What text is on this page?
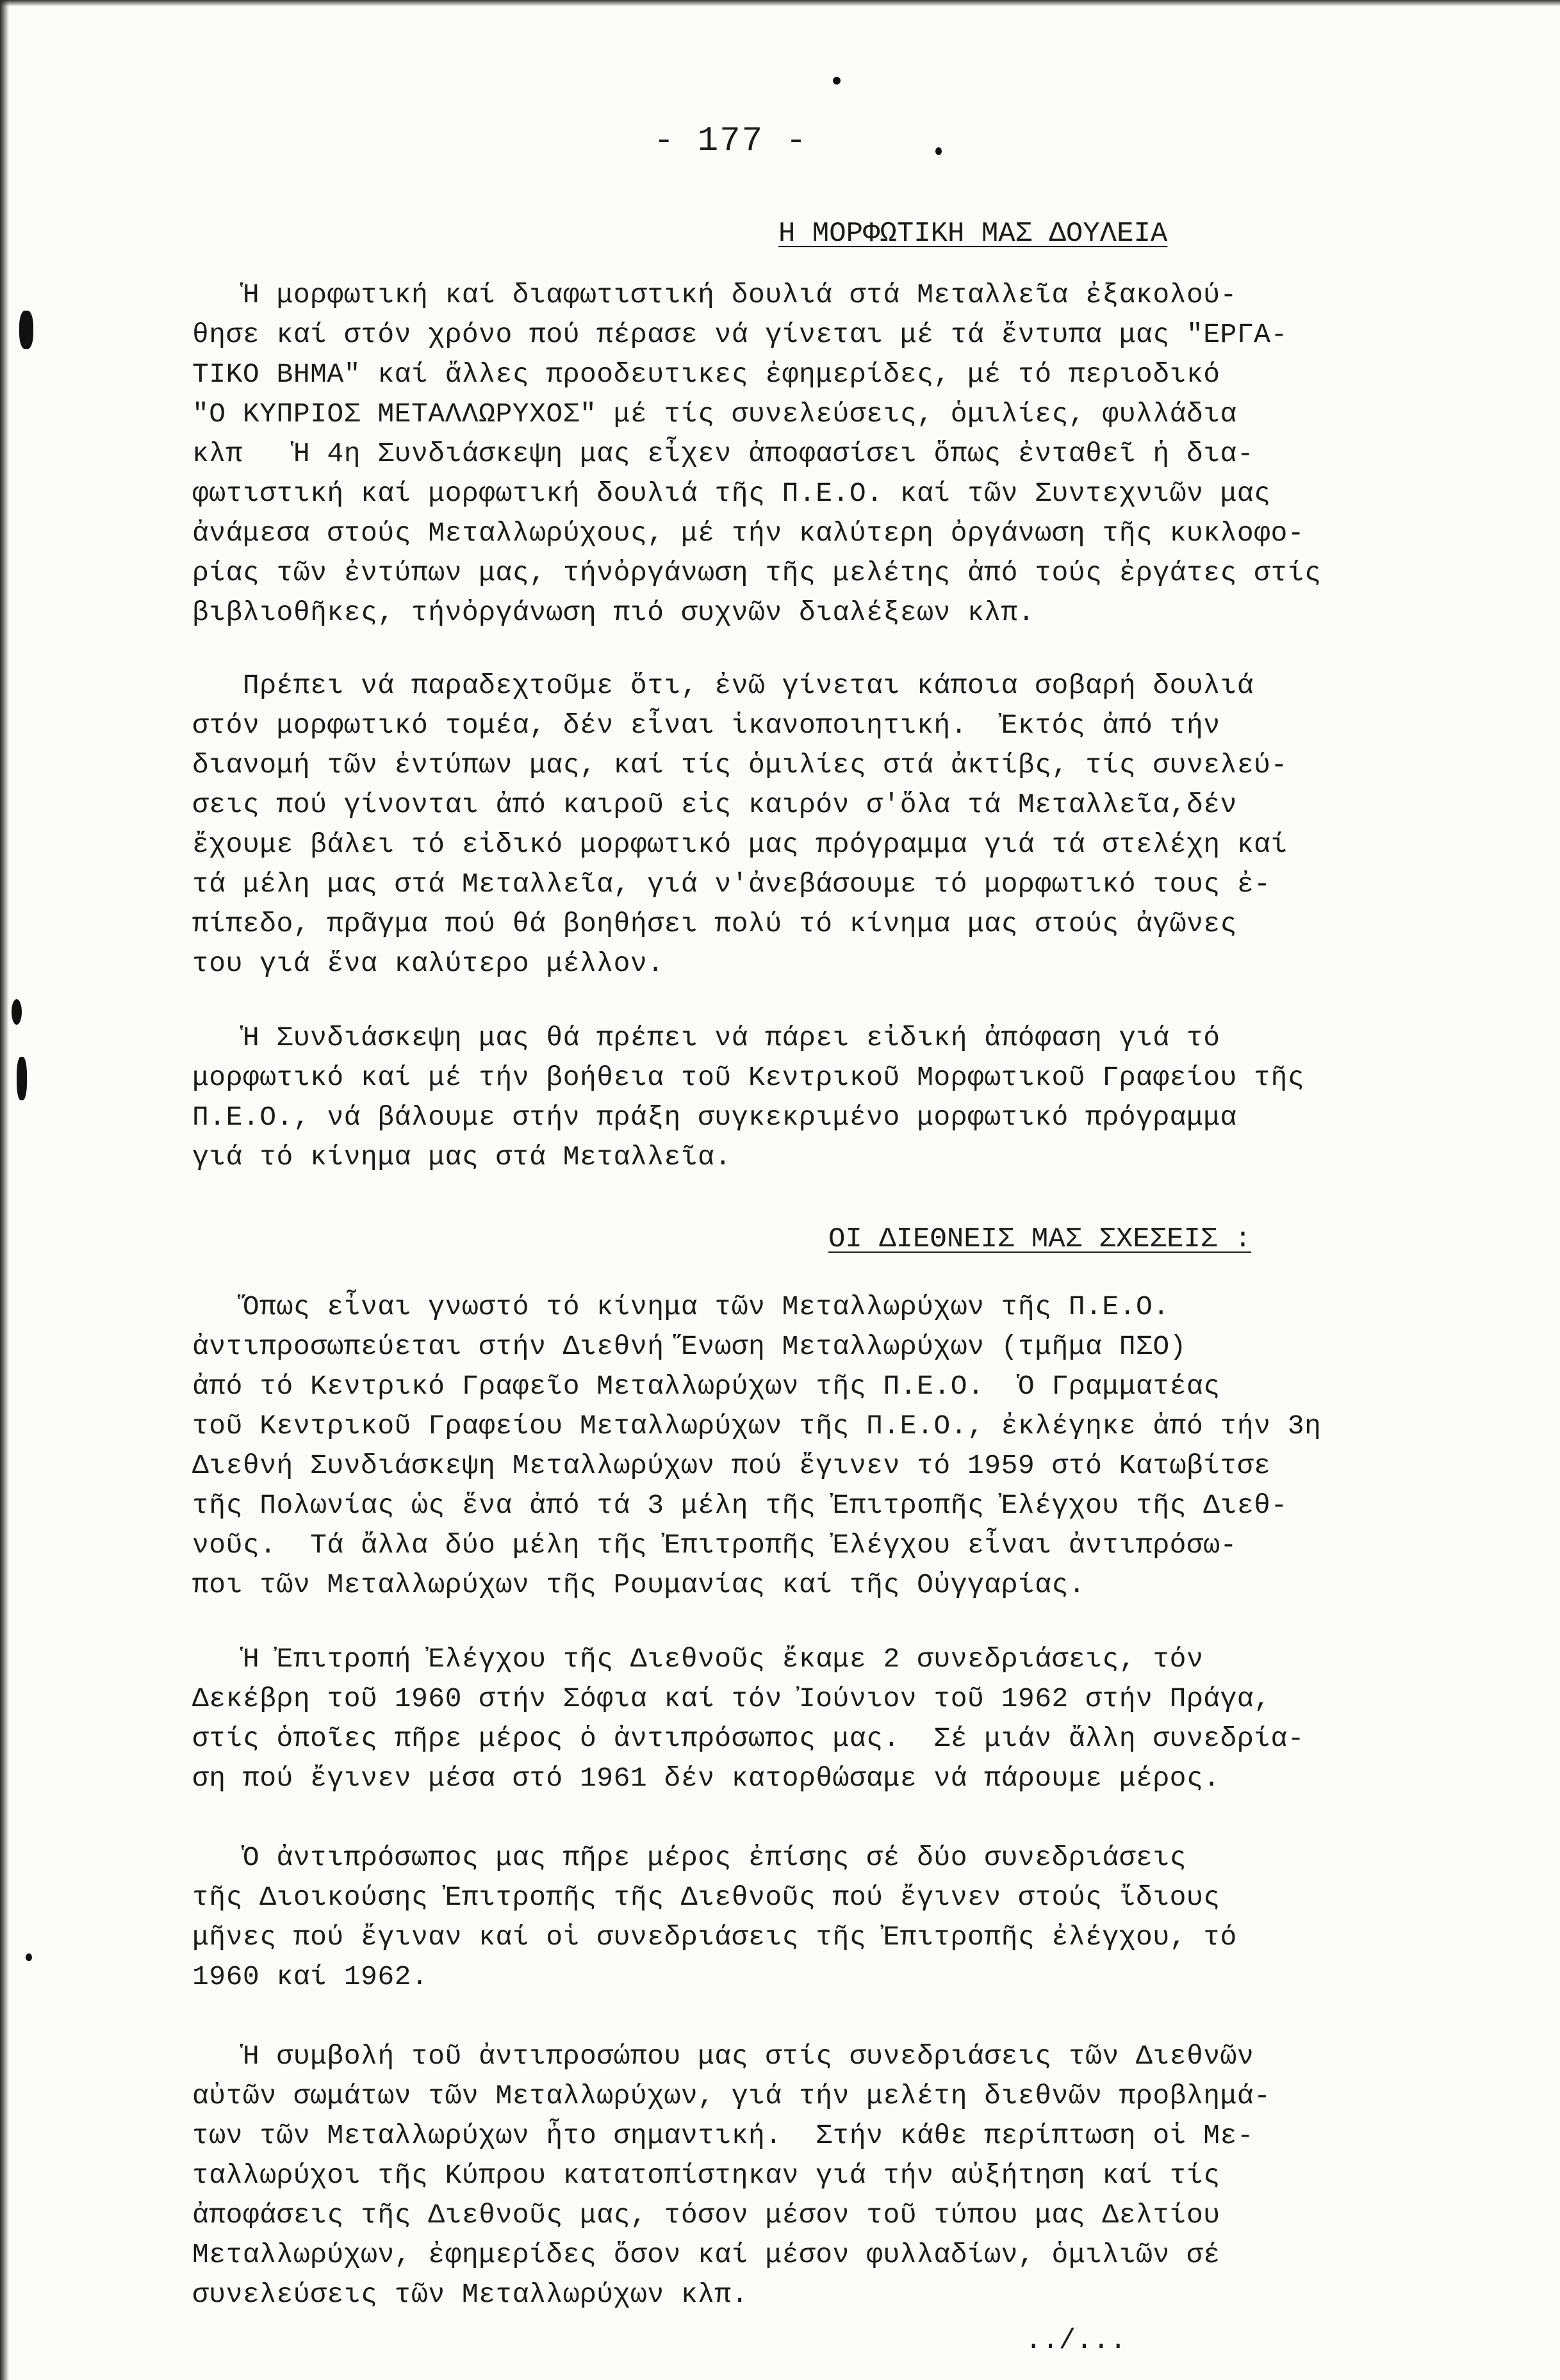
- 177 -
Η ΜΟΡΦΩΤΙΚΗ ΜΑΣ ΔΟΥΛΕΙΑ
Ἡ μορφωτική καί διαφωτιστική δουλιά στά Μεταλλεῖα ἐξακολού-
θησε καί στόν χρόνο πού πέρασε νά γίνεται μέ τά ἔντυπα μας "ΕΡΓΑ-
ΤΙΚΟ ΒΗΜΑ" καί ἄλλες προοδευτικες ἐφημερίδες, μέ τό περιοδικό
"Ο ΚΥΠΡΙΟΣ ΜΕΤΑΛΛΩΡΥΧΟΣ" μέ τίς συνελεύσεις, ὁμιλίες, φυλλάδια
κλπ   Ἡ 4η Συνδιάσκεψη μας εἶχεν ἀποφασίσει ὅπως ἐνταθεῖ ἡ δια-
φωτιστική καί μορφωτική δουλιά τῆς Π.Ε.Ο. καί τῶν Συντεχνιῶν μας
ἀνάμεσα στούς Μεταλλωρύχους, μέ τήν καλύτερη ὀργάνωση τῆς κυκλοφο-
ρίας τῶν ἐντύπων μας, τήνὀργάνωση τῆς μελέτης ἀπό τούς ἐργάτες στίς
βιβλιοθῆκες, τήνὀργάνωση πιό συχνῶν διαλέξεων κλπ.
Πρέπει νά παραδεχτοῦμε ὅτι, ἐνῶ γίνεται κάποια σοβαρή δουλιά
στόν μορφωτικό τομέα, δέν εἶναι ἱκανοποιητική.  Ἐκτός ἀπό τήν
διανομή τῶν ἐντύπων μας, καί τίς ὁμιλίες στά ἀκτίβς, τίς συνελεύ-
σεις πού γίνονται ἀπό καιροῦ εἰς καιρόν σ'ὅλα τά Μεταλλεῖα,δέν
ἔχουμε βάλει τό εἰδικό μορφωτικό μας πρόγραμμα γιά τά στελέχη καί
τά μέλη μας στά Μεταλλεῖα, γιά ν'ἀνεβάσουμε τό μορφωτικό τους ἐ-
πίπεδο, πρᾶγμα πού θά βοηθήσει πολύ τό κίνημα μας στούς ἀγῶνες
του γιά ἕνα καλύτερο μέλλον.
Ἡ Συνδιάσκεψη μας θά πρέπει νά πάρει εἰδική ἀπόφαση γιά τό
μορφωτικό καί μέ τήν βοήθεια τοῦ Κεντρικοῦ Μορφωτικοῦ Γραφείου τῆς
Π.Ε.Ο., νά βάλουμε στήν πράξη συγκεκριμένο μορφωτικό πρόγραμμα
γιά τό κίνημα μας στά Μεταλλεῖα.
ΟΙ ΔΙΕΘΝΕΙΣ ΜΑΣ ΣΧΕΣΕΙΣ :
Ὅπως εἶναι γνωστό τό κίνημα τῶν Μεταλλωρύχων τῆς Π.Ε.Ο.
ἀντιπροσωπεύεται στήν Διεθνή Ἕνωση Μεταλλωρύχων (τμῆμα ΠΣΟ)
ἀπό τό Κεντρικό Γραφεῖο Μεταλλωρύχων τῆς Π.Ε.Ο.  Ὁ Γραμματέας
τοῦ Κεντρικοῦ Γραφείου Μεταλλωρύχων τῆς Π.Ε.Ο., ἐκλέγηκε ἀπό τήν 3η
Διεθνή Συνδιάσκεψη Μεταλλωρύχων πού ἔγινεν τό 1959 στό Κατωβίτσε
τῆς Πολωνίας ὡς ἕνα ἀπό τά 3 μέλη τῆς Ἐπιτροπῆς Ἐλέγχου τῆς Διεθ-
νοῦς.  Τά ἄλλα δύο μέλη τῆς Ἐπιτροπῆς Ἐλέγχου εἶναι ἀντιπρόσω-
ποι τῶν Μεταλλωρύχων τῆς Ρουμανίας καί τῆς Οὐγγαρίας.
Ἡ Ἐπιτροπή Ἐλέγχου τῆς Διεθνοῦς ἔκαμε 2 συνεδριάσεις, τόν
Δεκέβρη τοῦ 1960 στήν Σόφια καί τόν Ἰούνιον τοῦ 1962 στήν Πράγα,
στίς ὁποῖες πῆρε μέρος ὁ ἀντιπρόσωπος μας.  Σέ μιάν ἄλλη συνεδρία-
ση πού ἔγινεν μέσα στό 1961 δέν κατορθώσαμε νά πάρουμε μέρος.
Ὁ ἀντιπρόσωπος μας πῆρε μέρος ἐπίσης σέ δύο συνεδριάσεις
τῆς Διοικούσης Ἐπιτροπῆς τῆς Διεθνοῦς πού ἔγινεν στούς ἴδιους
μῆνες πού ἔγιναν καί οἱ συνεδριάσεις τῆς Ἐπιτροπῆς ἐλέγχου, τό
1960 καί 1962.
Ἡ συμβολή τοῦ ἀντιπροσώπου μας στίς συνεδριάσεις τῶν Διεθνῶν
αὐτῶν σωμάτων τῶν Μεταλλωρύχων, γιά τήν μελέτη διεθνῶν προβλημά-
των τῶν Μεταλλωρύχων ἦτο σημαντική.  Στήν κάθε περίπτωση οἱ Με-
ταλλωρύχοι τῆς Κύπρου κατατοπίστηκαν γιά τήν αὐξήτηση καί τίς
ἀποφάσεις τῆς Διεθνοῦς μας, τόσον μέσον τοῦ τύπου μας Δελτίου
Μεταλλωρύχων, ἐφημερίδες ὅσον καί μέσον φυλλαδίων, ὁμιλιῶν σέ
συνελεύσεις τῶν Μεταλλωρύχων κλπ.
../...
